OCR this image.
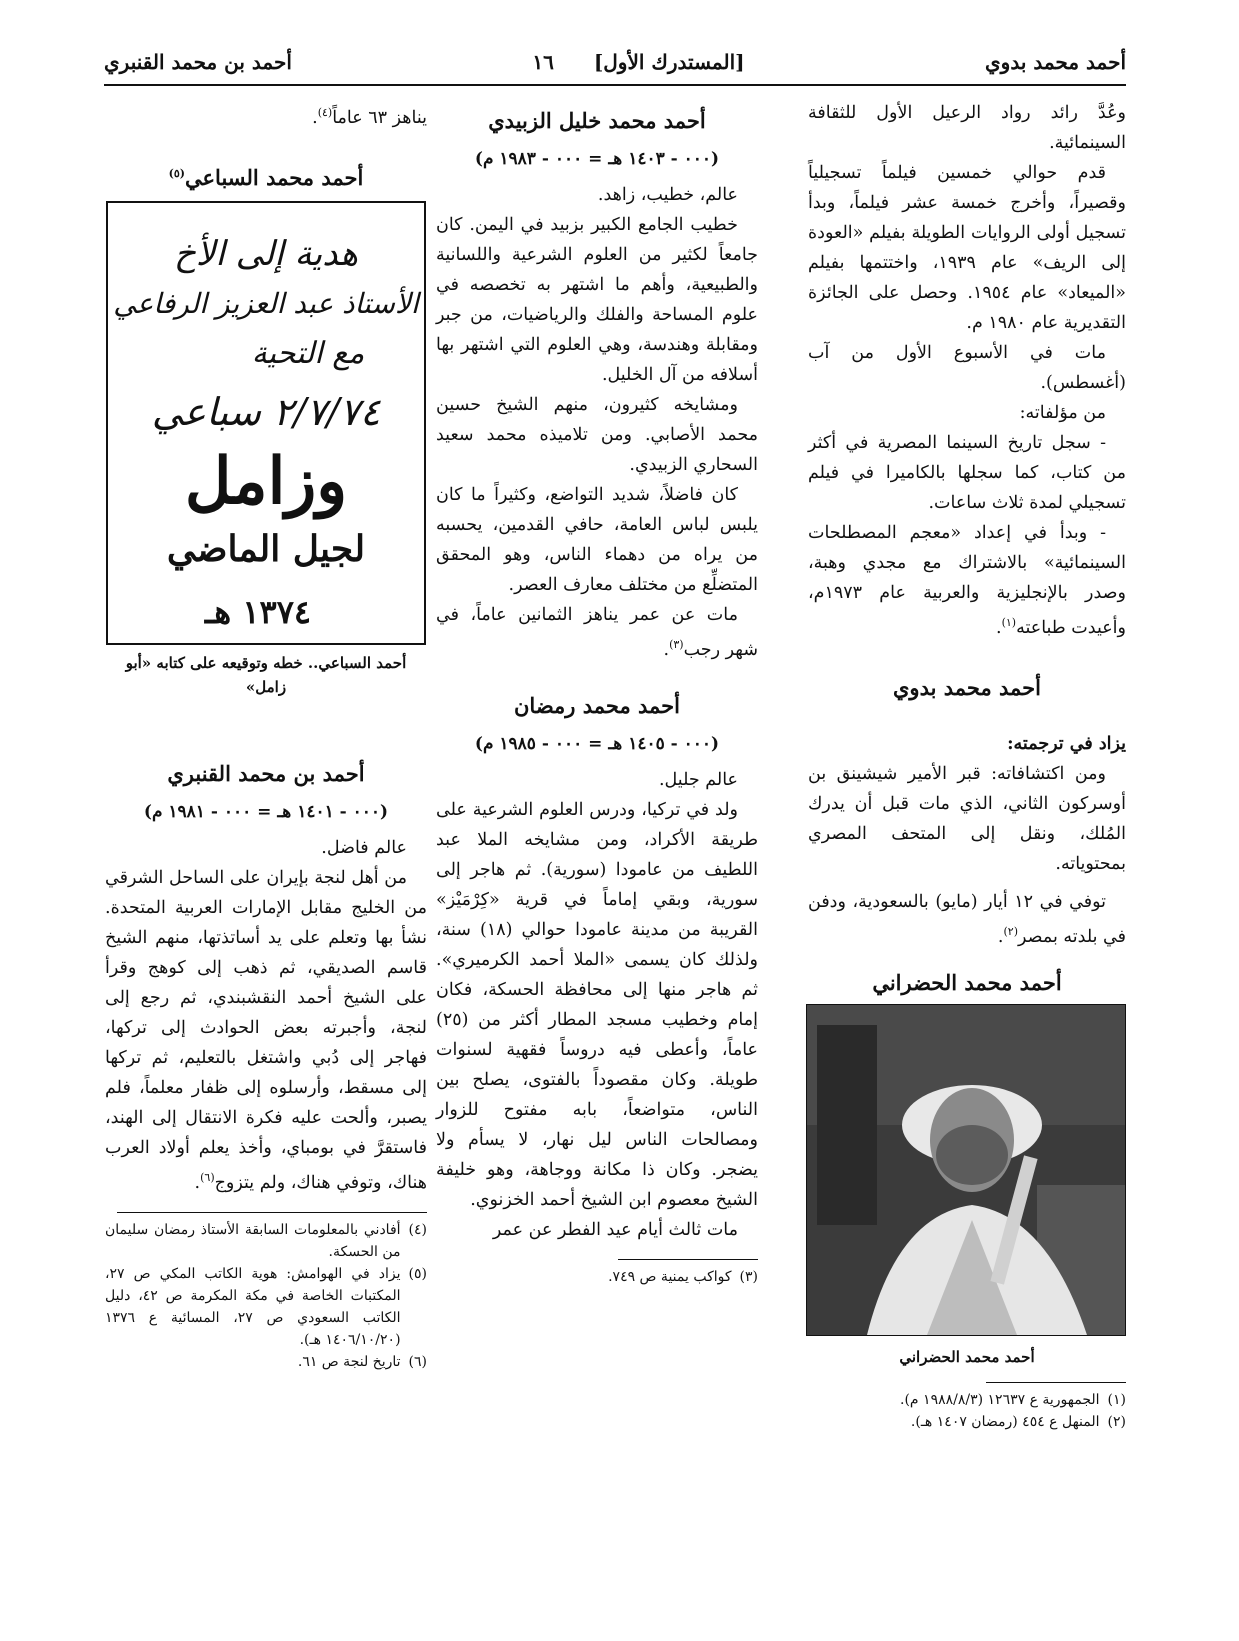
أحمد محمد بدوي
[المستدرك الأول]
١٦
أحمد بن محمد القنبري

وعُدَّ رائد رواد الرعيل الأول للثقافة السينمائية.

قدم حوالي خمسين فيلماً تسجيلياً وقصيراً، وأخرج خمسة عشر فيلماً، وبدأ تسجيل أولى الروايات الطويلة بفيلم «العودة إلى الريف» عام ١٩٣٩، واختتمها بفيلم «الميعاد» عام ١٩٥٤. وحصل على الجائزة التقديرية عام ١٩٨٠ م.

مات في الأسبوع الأول من آب (أغسطس).

من مؤلفاته:

- سجل تاريخ السينما المصرية في أكثر من كتاب، كما سجلها بالكاميرا في فيلم تسجيلي لمدة ثلاث ساعات.

- وبدأ في إعداد «معجم المصطلحات السينمائية» بالاشتراك مع مجدي وهبة، وصدر بالإنجليزية والعربية عام ١٩٧٣م، وأعيدت طباعته$^{(١)}$.

أحمد محمد بدوي

يزاد في ترجمته:

ومن اكتشافاته: قبر الأمير شيشينق بن أوسركون الثاني، الذي مات قبل أن يدرك المُلك، ونقل إلى المتحف المصري بمحتوياته.

توفي في ١٢ أيار (مايو) بالسعودية، ودفن في بلدته بمصر$^{(٢)}$.

أحمد محمد الحضراني
أحمد محمد الحضراني
(١)
الجمهورية ع ١٢٦٣٧ (١٩٨٨/٨/٣ م).
(٢)
المنهل ع ٤٥٤ (رمضان ١٤٠٧ هـ).
أحمد محمد خليل الزبيدي
(٠٠٠ - ١٤٠٣ هـ = ٠٠٠ - ١٩٨٣ م)

عالم، خطيب، زاهد.

خطيب الجامع الكبير بزبيد في اليمن. كان جامعاً لكثير من العلوم الشرعية واللسانية والطبيعية، وأهم ما اشتهر به تخصصه في علوم المساحة والفلك والرياضيات، من جبر ومقابلة وهندسة، وهي العلوم التي اشتهر بها أسلافه من آل الخليل.

ومشايخه كثيرون، منهم الشيخ حسين محمد الأصابي. ومن تلاميذه محمد سعيد السحاري الزبيدي.

كان فاضلاً، شديد التواضع، وكثيراً ما كان يلبس لباس العامة، حافي القدمين، يحسبه من يراه من دهماء الناس، وهو المحقق المتضلِّع من مختلف معارف العصر.

مات عن عمر يناهز الثمانين عاماً، في شهر رجب$^{(٣)}$.

أحمد محمد رمضان
(٠٠٠ - ١٤٠٥ هـ = ٠٠٠ - ١٩٨٥ م)

عالم جليل.

ولد في تركيا، ودرس العلوم الشرعية على طريقة الأكراد، ومن مشايخه الملا عبد اللطيف من عامودا (سورية). ثم هاجر إلى سورية، وبقي إماماً في قرية «كِرْمَيْز» القريبة من مدينة عامودا حوالي (١٨) سنة، ولذلك كان يسمى «الملا أحمد الكرميري». ثم هاجر منها إلى محافظة الحسكة، فكان إمام وخطيب مسجد المطار أكثر من (٢٥) عاماً، وأعطى فيه دروساً فقهية لسنوات طويلة. وكان مقصوداً بالفتوى، يصلح بين الناس، متواضعاً، بابه مفتوح للزوار ومصالحات الناس ليل نهار، لا يسأم ولا يضجر. وكان ذا مكانة ووجاهة، وهو خليفة الشيخ معصوم ابن الشيخ أحمد الخزنوي.

مات ثالث أيام عيد الفطر عن عمر

(٣)
كواكب يمنية ص ٧٤٩.

يناهز ٦٣ عاماً$^{(٤)}$.

أحمد محمد السباعي$^{(٥)}$
هدية إلى الأخ
الأستاذ عبد العزيز الرفاعي
مع التحية
٢/٧/٧٤ سباعي
وزامل
لجيل الماضي
١٣٧٤ هـ
أحمد السباعي.. خطه وتوقيعه على كتابه «أبو زامل»
أحمد بن محمد القنبري
(٠٠٠ - ١٤٠١ هـ = ٠٠٠ - ١٩٨١ م)

عالم فاضل.

من أهل لنجة بإيران على الساحل الشرقي من الخليج مقابل الإمارات العربية المتحدة. نشأ بها وتعلم على يد أساتذتها، منهم الشيخ قاسم الصديقي، ثم ذهب إلى كوهج وقرأ على الشيخ أحمد النقشبندي، ثم رجع إلى لنجة، وأجبرته بعض الحوادث إلى تركها، فهاجر إلى دُبي واشتغل بالتعليم، ثم تركها إلى مسقط، وأرسلوه إلى ظفار معلماً، فلم يصبر، وألحت عليه فكرة الانتقال إلى الهند، فاستقرَّ في بومباي، وأخذ يعلم أولاد العرب هناك، وتوفي هناك، ولم يتزوج$^{(٦)}$.

(٤)
أفادني بالمعلومات السابقة الأستاذ رمضان سليمان من الحسكة.
(٥)
يزاد في الهوامش: هوية الكاتب المكي ص ٢٧، المكتبات الخاصة في مكة المكرمة ص ٤٢، دليل الكاتب السعودي ص ٢٧، المسائية ع ١٣٧٦ (١٤٠٦/١٠/٢٠ هـ).
(٦)
تاريخ لنجة ص ٦١.
